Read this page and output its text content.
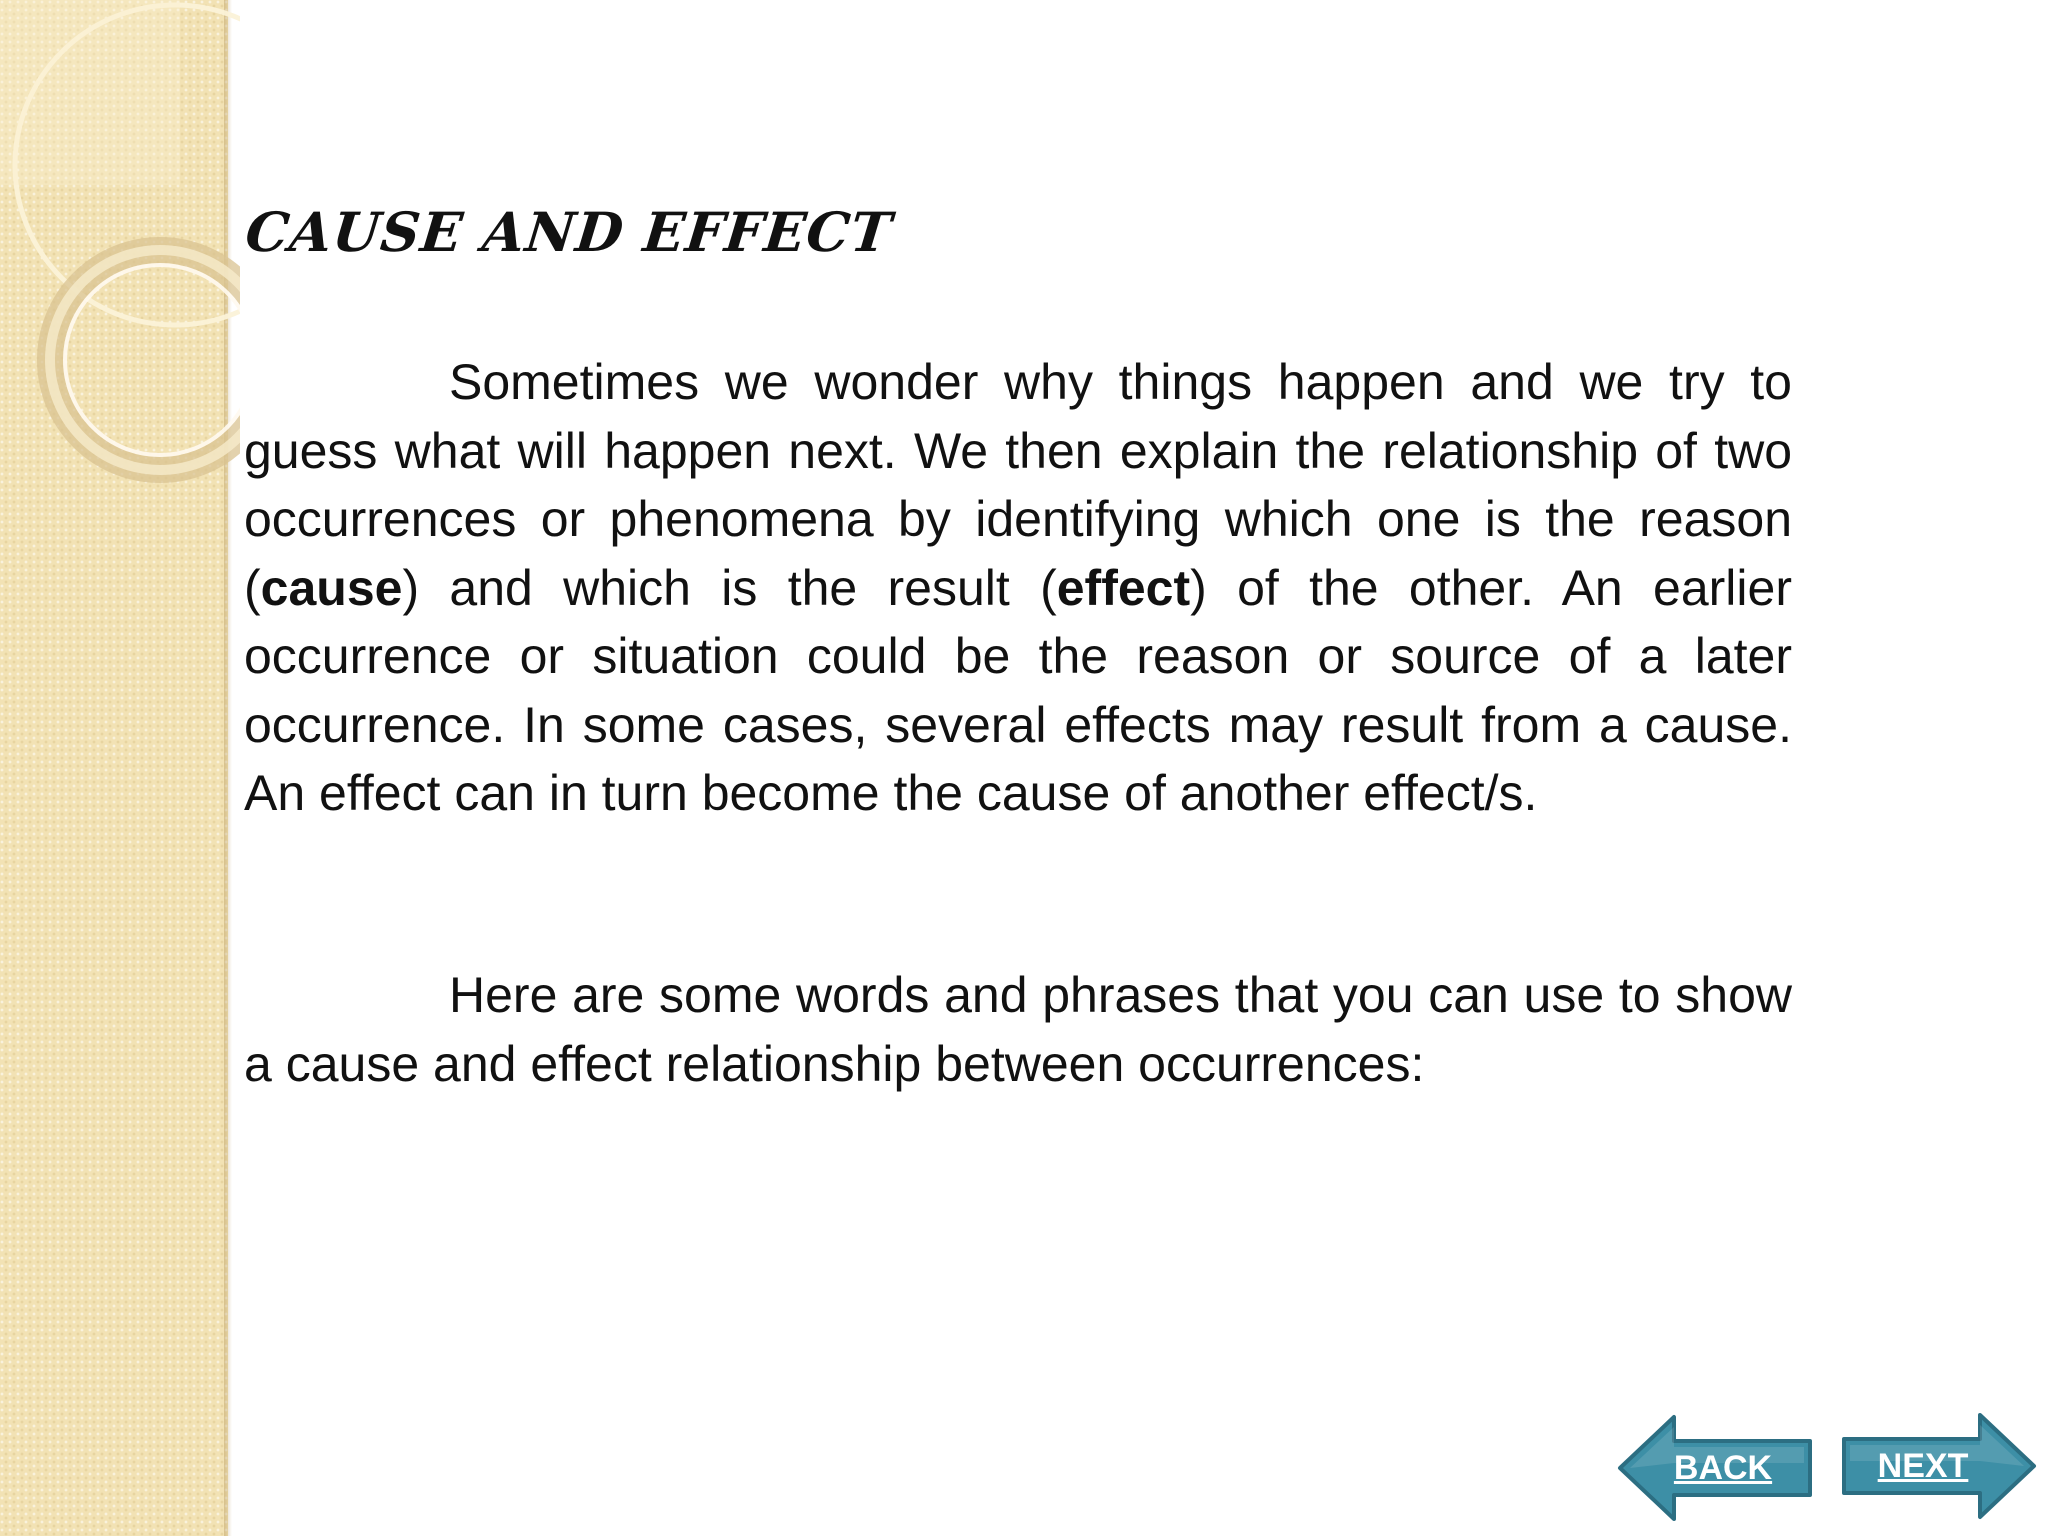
CAUSE AND EFFECT

Sometimes we wonder why things happen and we try to guess what will happen next. We then explain the relationship of two occurrences or phenomena by identifying which one is the reason (cause) and which is the result (effect) of the other. An earlier occurrence or situation could be the reason or source of a later occurrence. In some cases, several effects may result from a cause. An effect can in turn become the cause of another effect/s.

Here are some words and phrases that you can use to show a cause and effect relationship between occurrences:

BACK	NEXT
